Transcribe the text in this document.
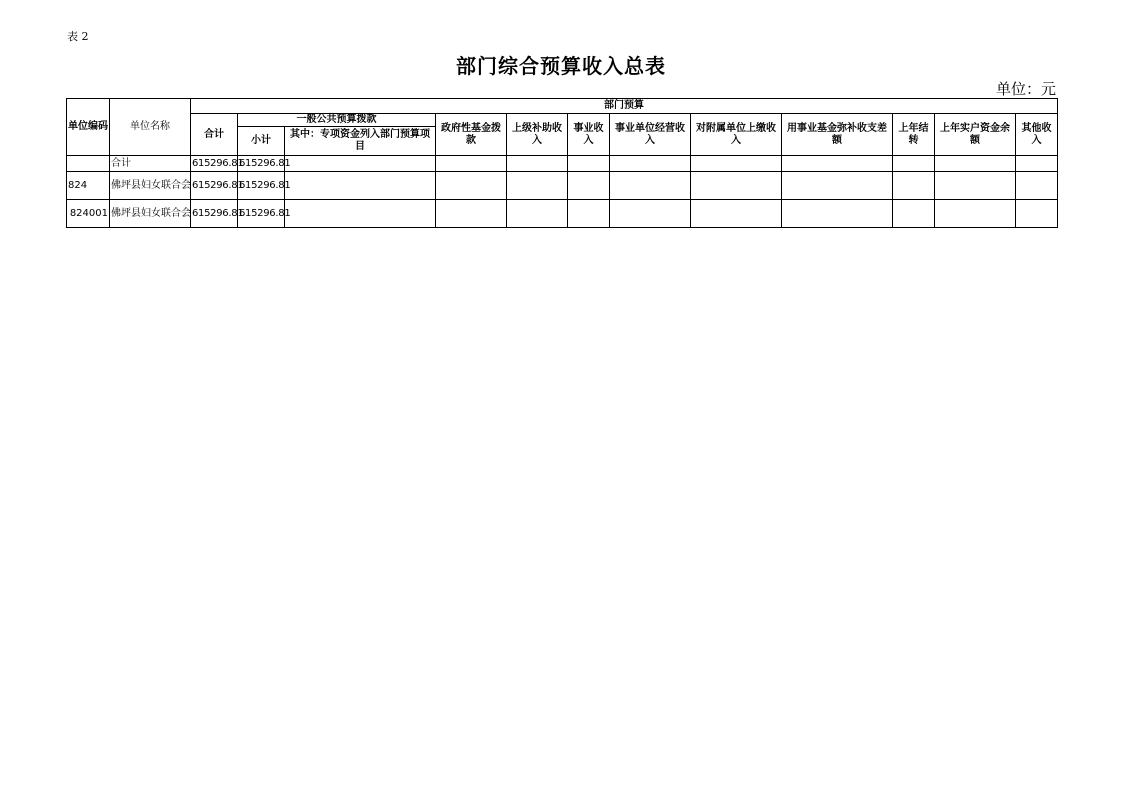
表 2
部门综合预算收入总表
单位：元
单位编码	单位名称	部门预算											
		合计	一般公共预算拨款		政府性基金拨款	上级补助收入	事业收入	事业单位经营收入	对附属单位上缴收入	用事业基金弥补收支差额	上年结转	上年实户资金余额	其他收入
			小计	其中：专项资金列入部门预算项目									
	合计	615296.81	615296.81										
824	佛坪县妇女联合会	615296.81	615296.81										
824001	佛坪县妇女联合会	615296.81	615296.81										
